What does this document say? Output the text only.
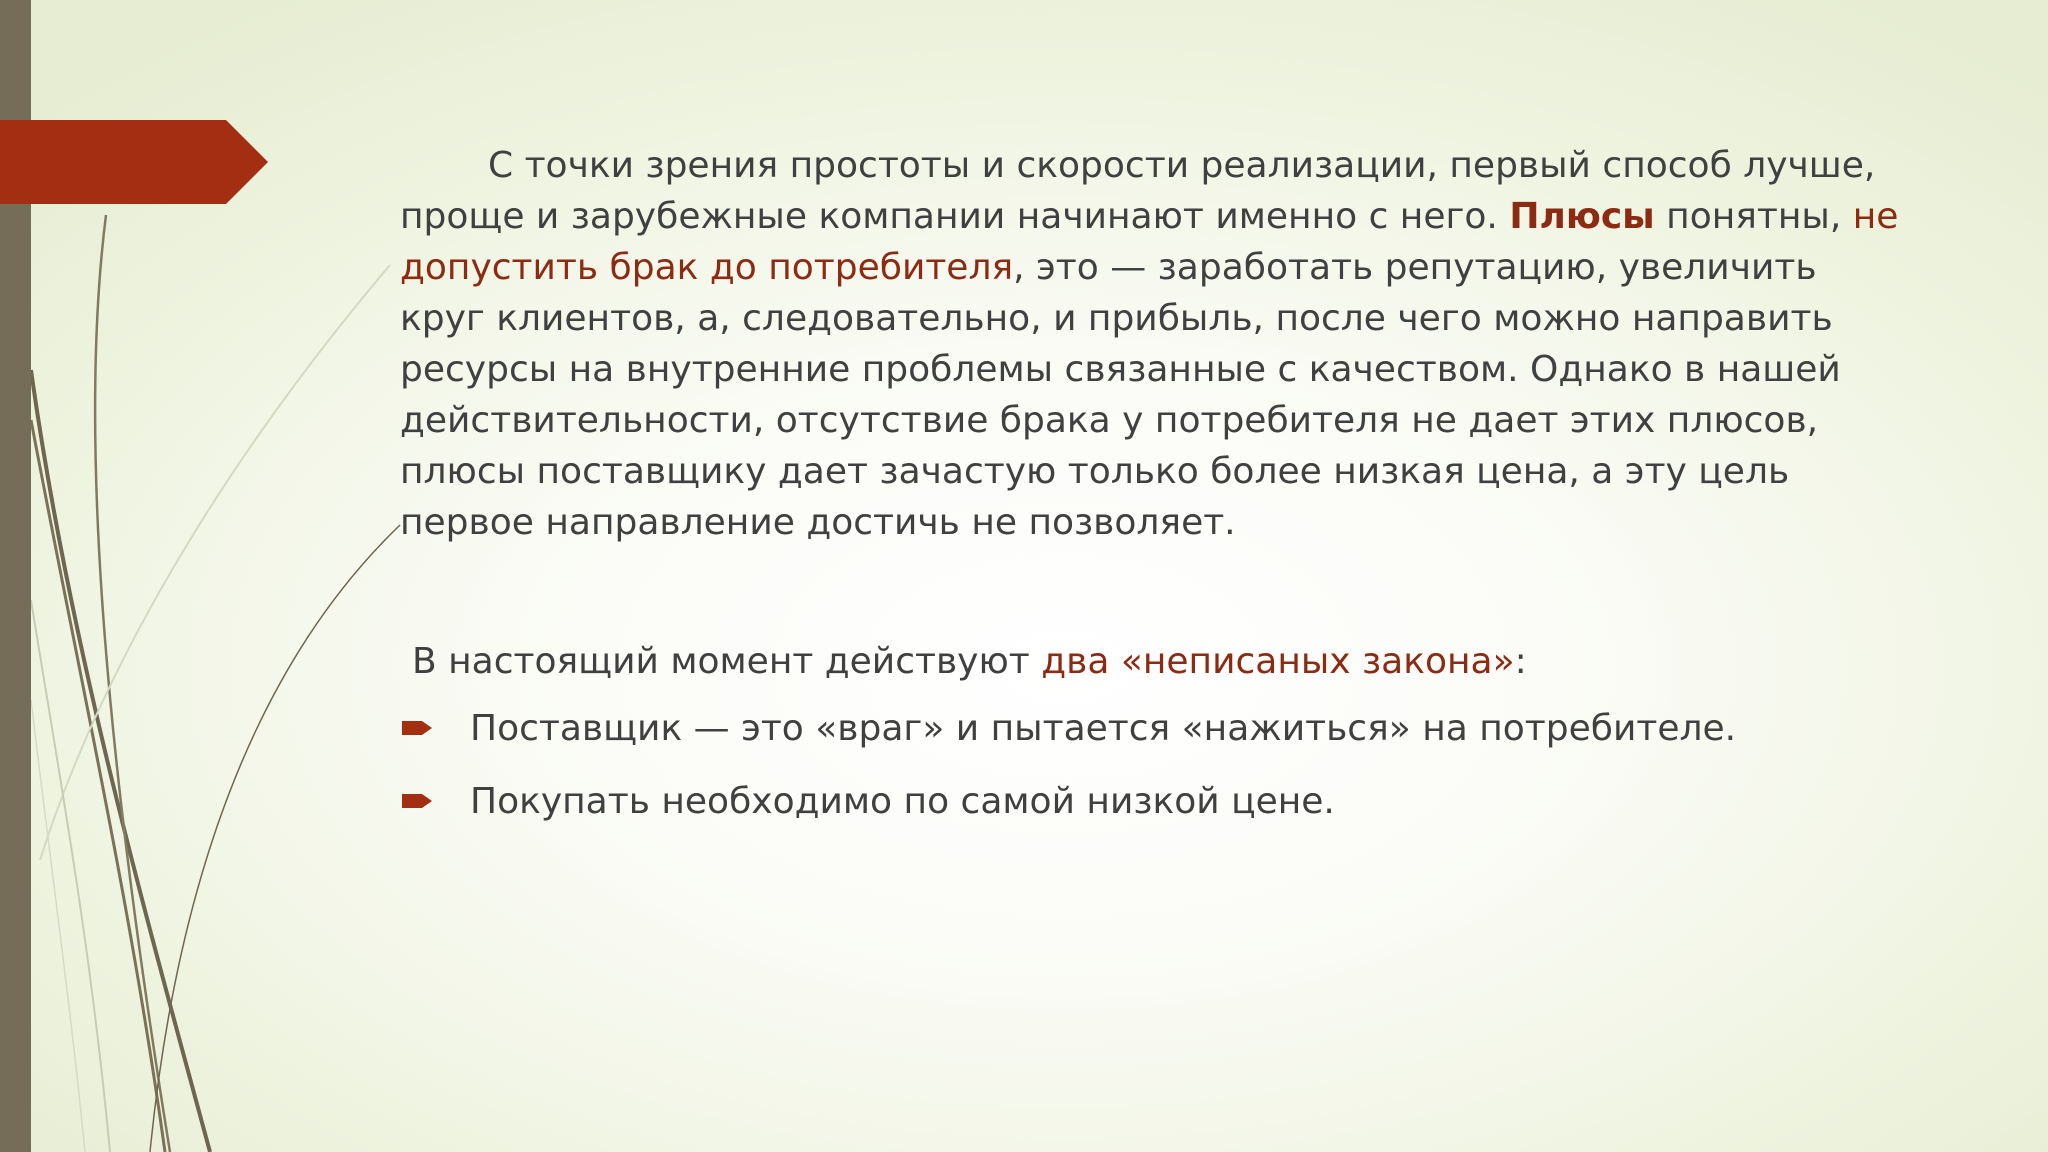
С точки зрения простоты и скорости реализации, первый способ лучше, проще и зарубежные компании начинают именно с него. Плюсы понятны, не допустить брак до потребителя, это — заработать репутацию, увеличить круг клиентов, а, следовательно, и прибыль, после чего можно направить ресурсы на внутренние проблемы связанные с качеством. Однако в нашей действительности, отсутствие брака у потребителя не дает этих плюсов, плюсы поставщику дает зачастую только более низкая цена, а эту цель первое направление достичь не позволяет.

В настоящий момент действуют два «неписаных закона»:
Поставщик — это «враг» и пытается «нажиться» на потребителе.
Покупать необходимо по самой низкой цене.
